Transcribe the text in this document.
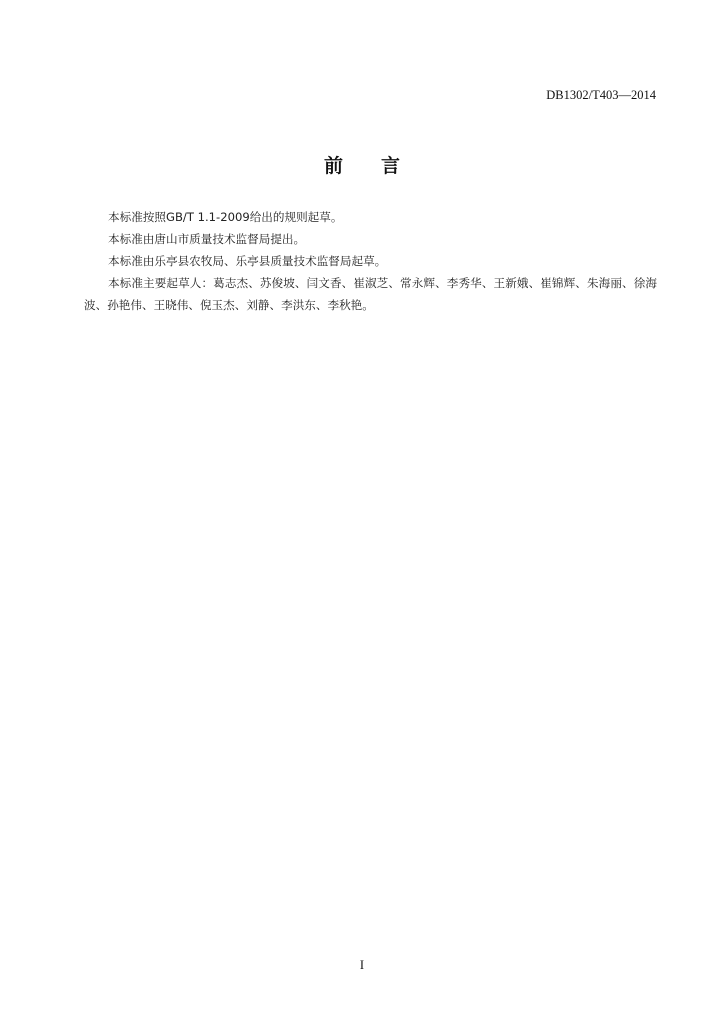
DB1302/T403—2014
前 言

本标准按照GB/T 1.1-2009给出的规则起草。

本标准由唐山市质量技术监督局提出。

本标准由乐亭县农牧局、乐亭县质量技术监督局起草。

本标准主要起草人：葛志杰、苏俊坡、闫文香、崔淑芝、常永辉、李秀华、王新娥、崔锦辉、朱海丽、徐海波、孙艳伟、王晓伟、倪玉杰、刘静、李洪东、李秋艳。

I
